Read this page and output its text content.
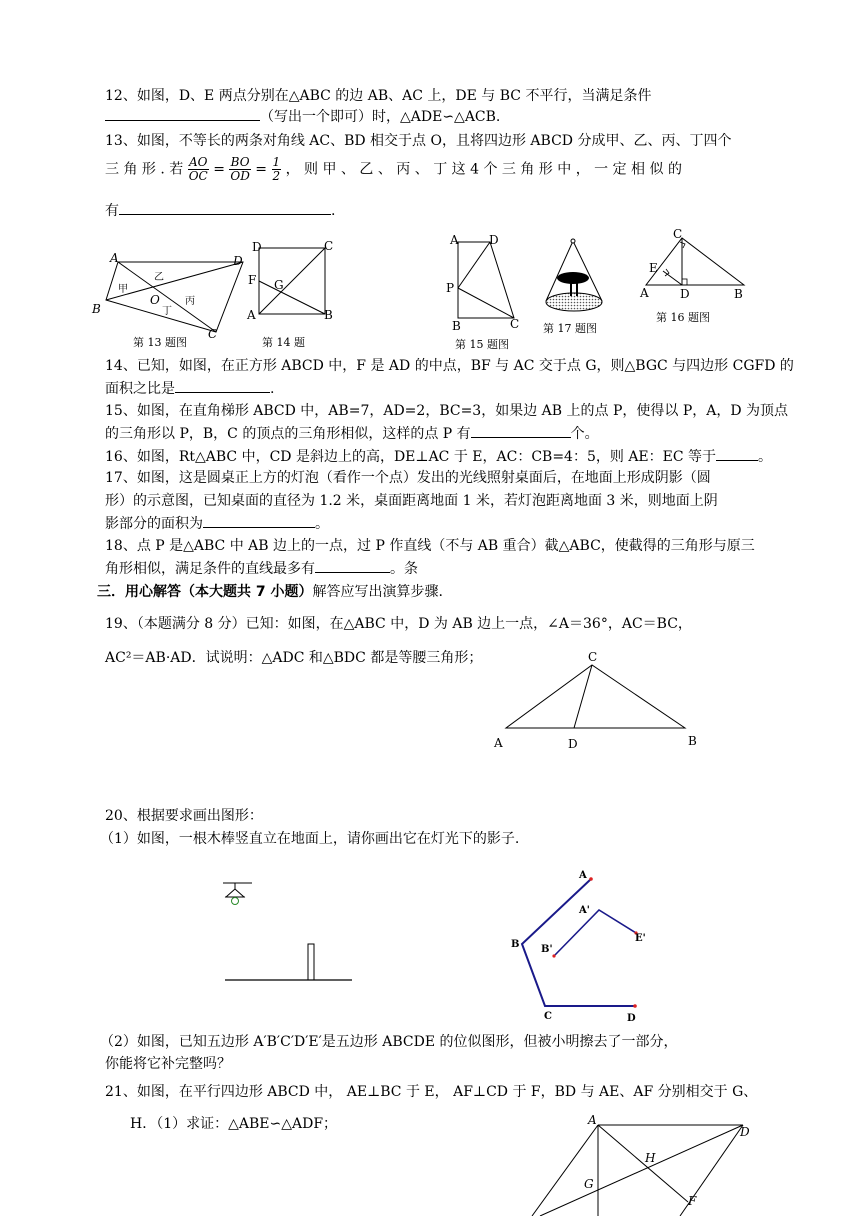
12、如图，D、E 两点分别在△ABC 的边 AB、AC 上，DE 与 BC 不平行，当满足条件
（写出一个即可）时，△ADE∽△ACB.
13、如图，不等长的两条对角线 AC、BD 相交于点 O，且将四边形 ABCD 分成甲、乙、丙、丁四个
三 角 形 . 若 $\frac{AO}{OC} = \frac{BO}{OD} = \frac{1}{2}$ ， 则 甲 、 乙 、 丙 、 丁 这 4 个 三 角 形 中 ， 一 定 相 似 的
有	.
A	D
B
C
O
甲
乙
丙
丁
第 13 题图
D	C
F G
A	B
第 14 题
A	D
P
B	C
第 15 题图
第 17 题图
C
E
A	D	B
第 16 题图
14、已知，如图，在正方形 ABCD 中，F 是 AD 的中点，BF 与 AC 交于点 G，则△BGC 与四边形 CGFD 的
面积之比是	.
15、如图，在直角梯形 ABCD 中，AB=7，AD=2，BC=3，如果边 AB 上的点 P，使得以 P，A，D 为顶点
的三角形以 P，B，C 的顶点的三角形相似，这样的点 P 有	个。
16、如图，Rt△ABC 中，CD 是斜边上的高，DE⊥AC 于 E，AC：CB=4：5，则 AE：EC 等于	。
17、如图，这是圆桌正上方的灯泡（看作一个点）发出的光线照射桌面后，在地面上形成阴影（圆
形）的示意图，已知桌面的直径为 1.2 米，桌面距离地面 1 米，若灯泡距离地面 3 米，则地面上阴
影部分的面积为	。
18、点 P 是△ABC 中 AB 边上的一点，过 P 作直线（不与 AB 重合）截△ABC，使截得的三角形与原三
角形相似，满足条件的直线最多有	。条
三．用心解答（本大题共 7 小题）解答应写出演算步骤.
19、（本题满分 8 分）已知：如图，在△ABC 中，D 为 AB 边上一点，∠A＝36°，AC＝BC，
AC²＝AB·AD．试说明：△ADC 和△BDC 都是等腰三角形；	C
A	D	B
20、根据要求画出图形：
（1）如图，一根木棒竖直立在地面上，请你画出它在灯光下的影子.
A
A'
E'
B B'
C	D
（2）如图，已知五边形 A′B′C′D′E′是五边形 ABCDE 的位似图形，但被小明擦去了一部分，
你能将它补完整吗？
21、如图，在平行四边形 ABCD 中， AE⊥BC 于 E， AF⊥CD 于 F，BD 与 AE、AF 分别相交于 G、
H．（1）求证：△ABE∽△ADF；	A
D
H
G
F
